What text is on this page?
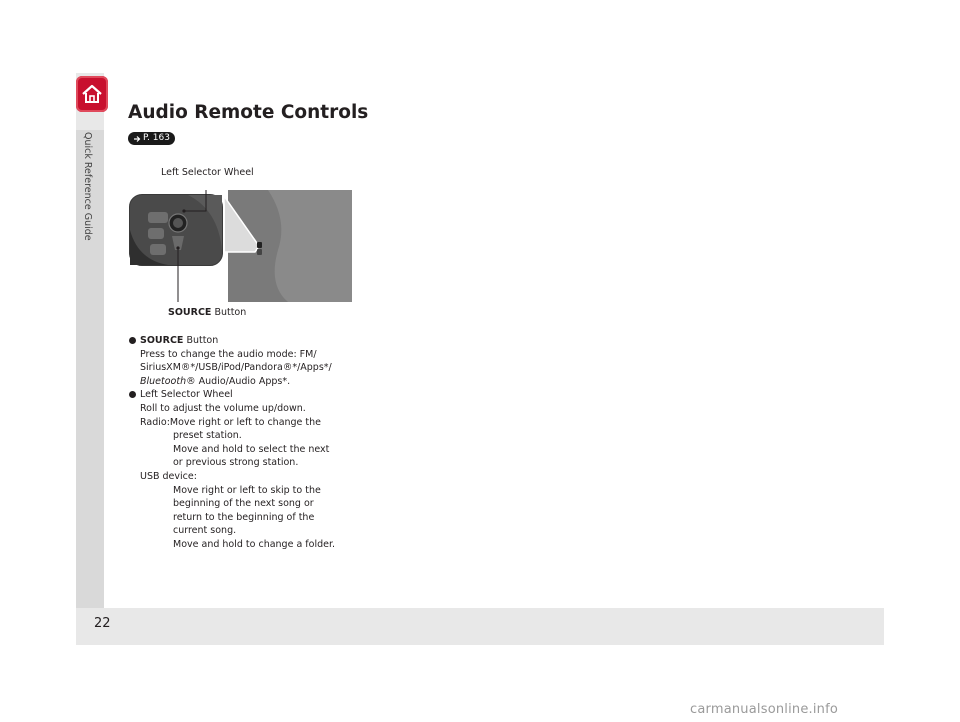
Quick Reference Guide
Audio Remote Controls
P. 163
Left Selector Wheel
SOURCE Button
SOURCE Button
Press to change the audio mode: FM/
SiriusXM®*/USB/iPod/Pandora®*/Apps*/
Bluetooth® Audio/Audio Apps*.
Left Selector Wheel
Roll to adjust the volume up/down.
Radio: Move right or left to change the
preset station.
Move and hold to select the next
or previous strong station.
USB device:
Move right or left to skip to the
beginning of the next song or
return to the beginning of the
current song.
Move and hold to change a folder.
22
carmanualsonline.info
